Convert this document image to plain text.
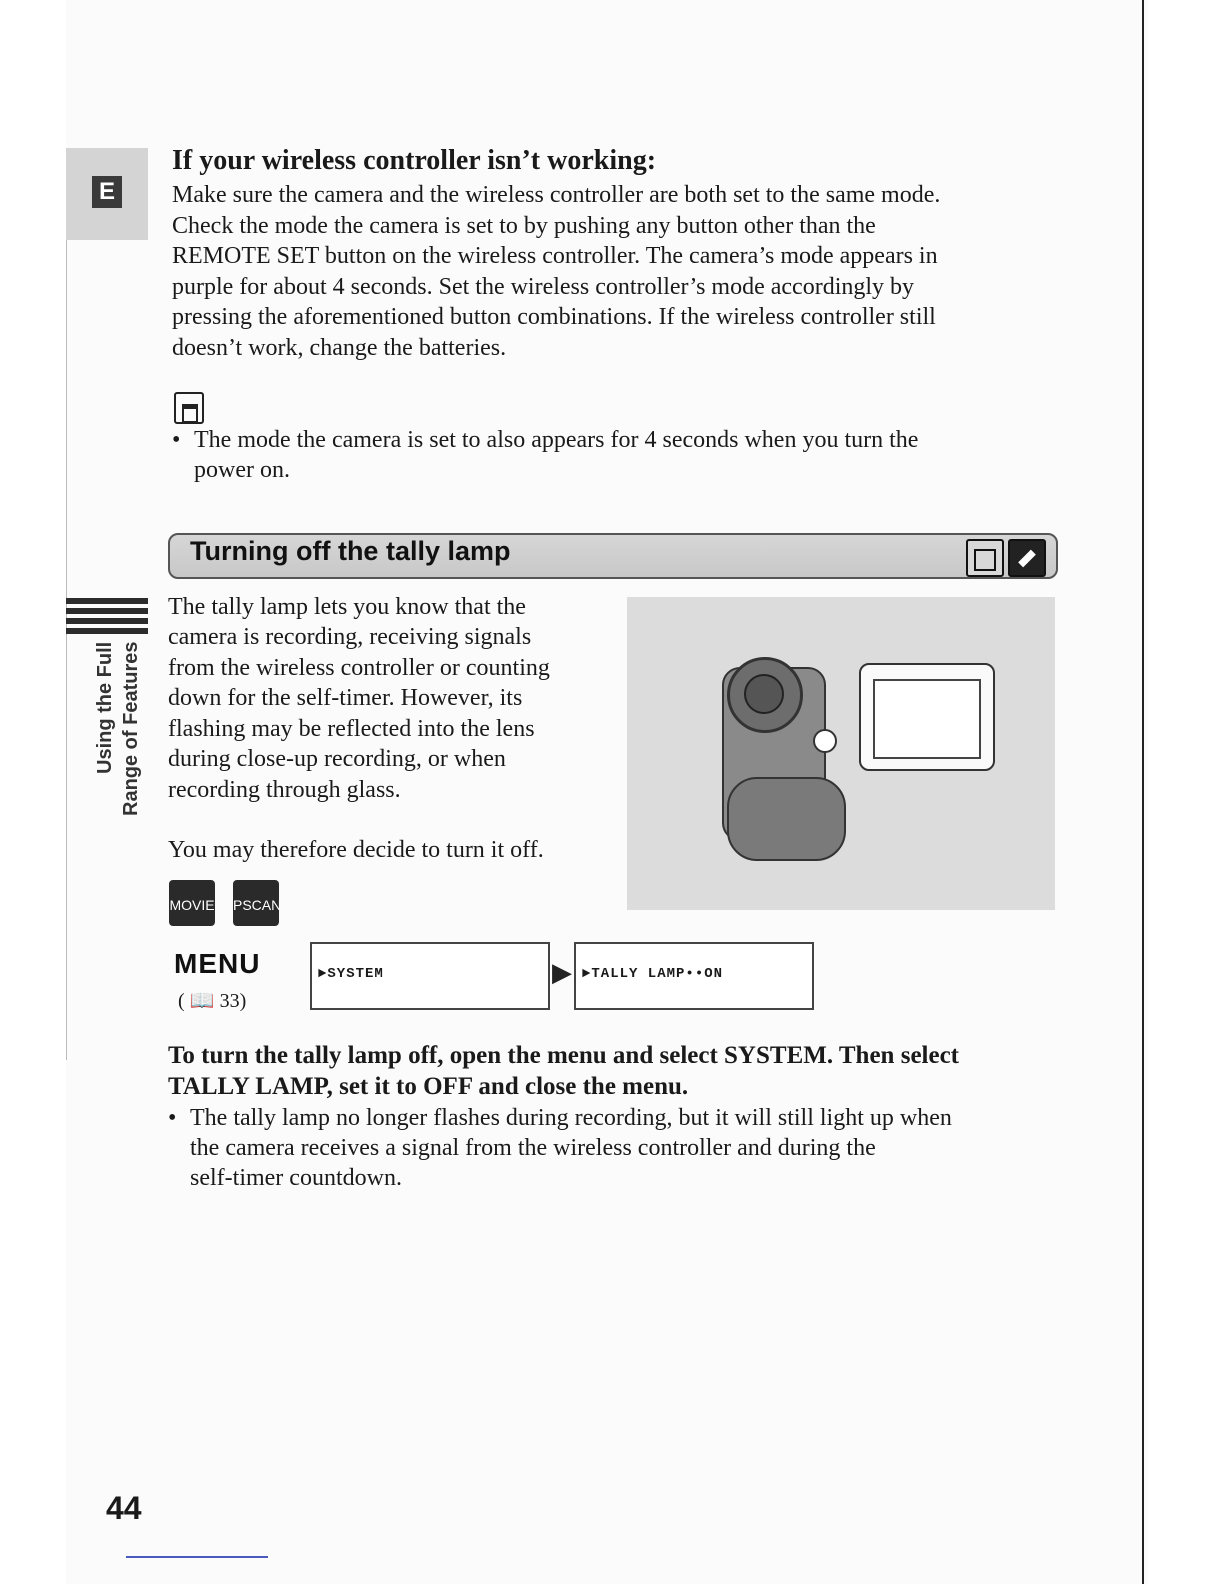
E
Using the Full Range of Features
If your wireless controller isn’t working:

Make sure the camera and the wireless controller are both set to the same mode.

Check the mode the camera is set to by pushing any button other than the

REMOTE SET button on the wireless controller. The camera’s mode appears in

purple for about 4 seconds. Set the wireless controller’s mode accordingly by

pressing the aforementioned button combinations. If the wireless controller still

doesn’t work, change the batteries.

• The mode the camera is set to also appears for 4 seconds when you turn the
power on.
Turning off the tally lamp

The tally lamp lets you know that the

camera is recording, receiving signals

from the wireless controller or counting

down for the self-timer. However, its

flashing may be reflected into the lens

during close-up recording, or when

recording through glass.

You may therefore decide to turn it off.

MOVIE PSCAN
MENU
( 📖 33)
►SYSTEM	▶ ►TALLY LAMP••ON
To turn the tally lamp off, open the menu and select SYSTEM. Then select
TALLY LAMP, set it to OFF and close the menu.
• The tally lamp no longer flashes during recording, but it will still light up when
the camera receives a signal from the wireless controller and during the
self-timer countdown.
44
